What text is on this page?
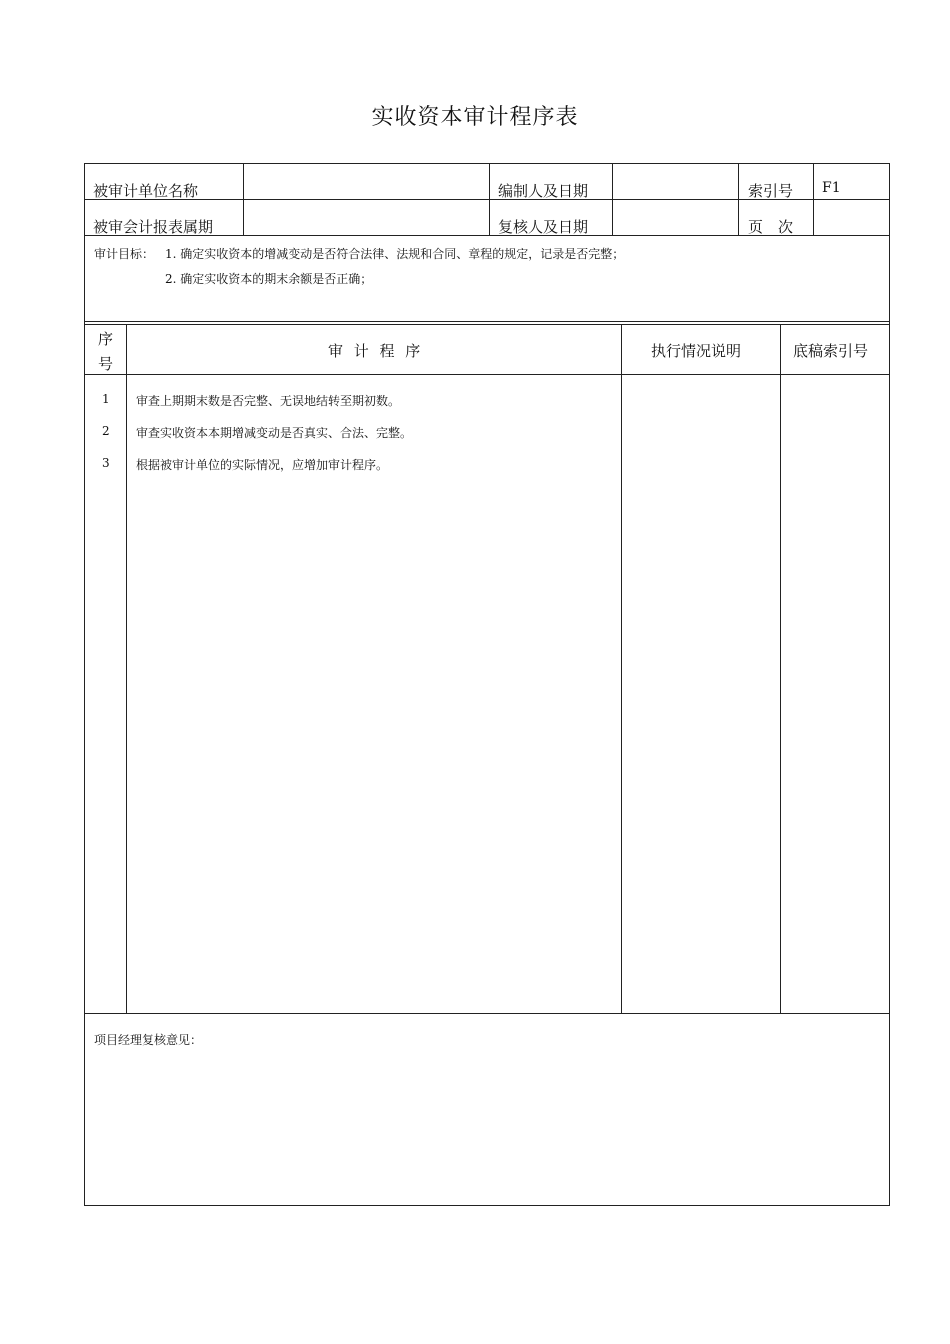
实收资本审计程序表
被审计单位名称	编制人及日期	索引号 F1
被审会计报表属期	复核人及日期	页　次
审计目标： 1. 确定实收资本的增减变动是否符合法律、法规和合同、章程的规定，记录是否完整；
2. 确定实收资本的期末余额是否正确；
序
号
审 计 程 序	执行情况说明	底稿索引号
1 审查上期期末数是否完整、无误地结转至期初数。
2 审查实收资本本期增减变动是否真实、合法、完整。
3 根据被审计单位的实际情况，应增加审计程序。
项目经理复核意见：
